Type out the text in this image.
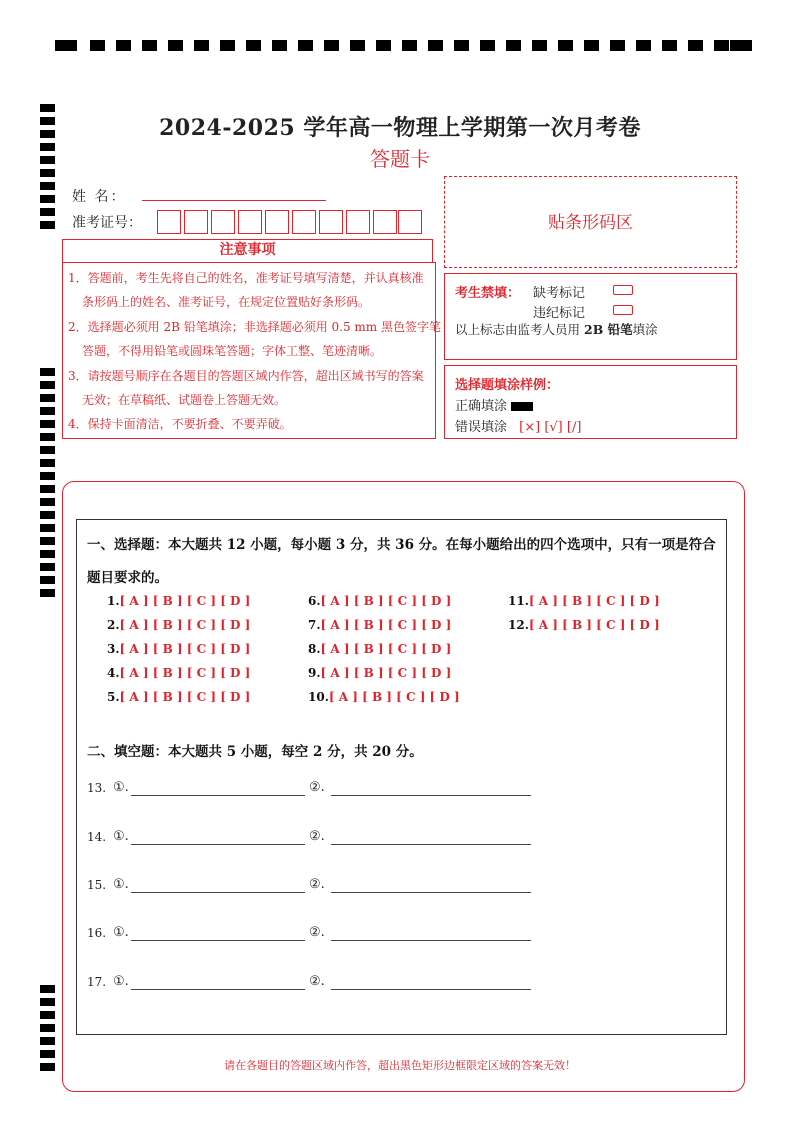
2024-2025 学年高一物理上学期第一次月考卷
答题卡
姓 名：
准考证号：
注意事项
1．答题前，考生先将自己的姓名，准考证号填写清楚，并认真核准
条形码上的姓名、准考证号，在规定位置贴好条形码。
2．选择题必须用 2B 铅笔填涂；非选择题必须用 0.5 mm 黑色签字笔
答题，不得用铅笔或圆珠笔答题；字体工整、笔迹清晰。
3．请按题号顺序在各题目的答题区域内作答，超出区域书写的答案
无效；在草稿纸、试题卷上答题无效。
4．保持卡面清洁，不要折叠、不要弄破。
贴条形码区
考生禁填： 缺考标记
违纪标记
以上标志由监考人员用 2B 铅笔填涂
选择题填涂样例：
正确填涂
错误填涂 [×] [√] [/]
一、选择题：本大题共 12 小题，每小题 3 分，共 36 分。在每小题给出的四个选项中，只有一项是符合
题目要求的。
1.[ A ] [ B ] [ C ] [ D ]
2.[ A ] [ B ] [ C ] [ D ]
3.[ A ] [ B ] [ C ] [ D ]
4.[ A ] [ B ] [ C ] [ D ]
5.[ A ] [ B ] [ C ] [ D ]
6.[ A ] [ B ] [ C ] [ D ]
7.[ A ] [ B ] [ C ] [ D ]
8.[ A ] [ B ] [ C ] [ D ]
9.[ A ] [ B ] [ C ] [ D ]
10.[ A ] [ B ] [ C ] [ D ]
11.[ A ] [ B ] [ C ] [ D ]
12.[ A ] [ B ] [ C ] [ D ]
二、填空题：本大题共 5 小题，每空 2 分，共 20 分。
13. ①.	②.
14. ①.	②.
15. ①.	②.
16. ①.	②.
17. ①.	②.
请在各题目的答题区域内作答，超出黑色矩形边框限定区域的答案无效！
